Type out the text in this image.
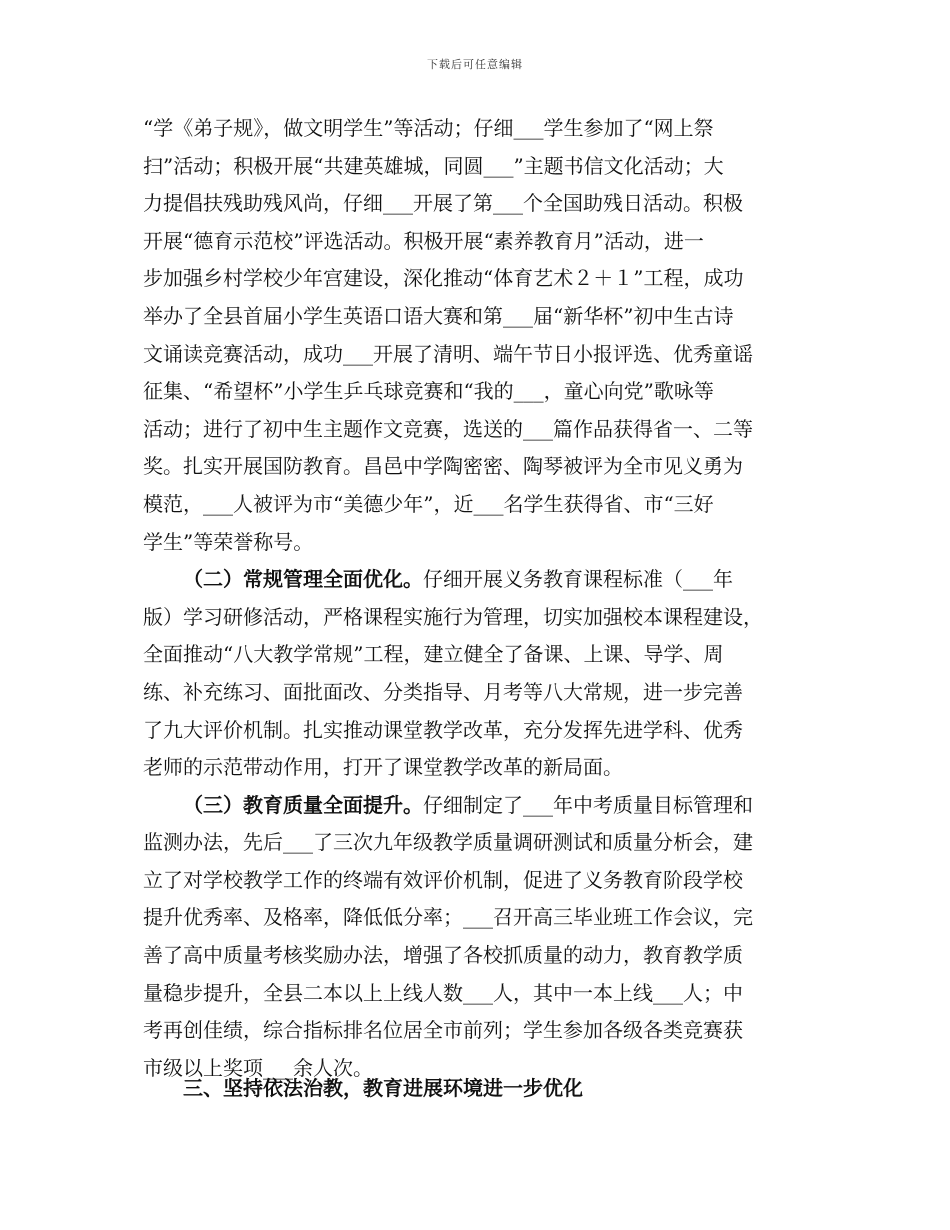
下载后可任意编辑
“学《弟子规》，做文明学生”等活动；仔细___学生参加了“网上祭
扫”活动；积极开展“共建英雄城，同圆___”主题书信文化活动；大
力提倡扶残助残风尚，仔细___开展了第___个全国助残日活动。积极
开展“德育示范校”评选活动。积极开展“素养教育月”活动，进一
步加强乡村学校少年宫建设，深化推动“体育艺术２＋１”工程，成功
举办了全县首届小学生英语口语大赛和第___届“新华杯”初中生古诗
文诵读竞赛活动，成功___开展了清明、端午节日小报评选、优秀童谣
征集、“希望杯”小学生乒乓球竞赛和“我的___，童心向党”歌咏等
活动；进行了初中生主题作文竞赛，选送的___篇作品获得省一、二等
奖。扎实开展国防教育。昌邑中学陶密密、陶琴被评为全市见义勇为
模范，___人被评为市“美德少年”，近___名学生获得省、市“三好
学生”等荣誉称号。
（二）常规管理全面优化。仔细开展义务教育课程标准（___年
版）学习研修活动，严格课程实施行为管理，切实加强校本课程建设，
全面推动“八大教学常规”工程，建立健全了备课、上课、导学、周
练、补充练习、面批面改、分类指导、月考等八大常规，进一步完善
了九大评价机制。扎实推动课堂教学改革，充分发挥先进学科、优秀
老师的示范带动作用，打开了课堂教学改革的新局面。
（三）教育质量全面提升。仔细制定了___年中考质量目标管理和
监测办法，先后___了三次九年级教学质量调研测试和质量分析会，建
立了对学校教学工作的终端有效评价机制，促进了义务教育阶段学校
提升优秀率、及格率，降低低分率；___召开高三毕业班工作会议，完
善了高中质量考核奖励办法，增强了各校抓质量的动力，教育教学质
量稳步提升，全县二本以上上线人数___人，其中一本上线___人；中
考再创佳绩，综合指标排名位居全市前列；学生参加各级各类竞赛获
市级以上奖项___余人次。
三、坚持依法治教，教育进展环境进一步优化
